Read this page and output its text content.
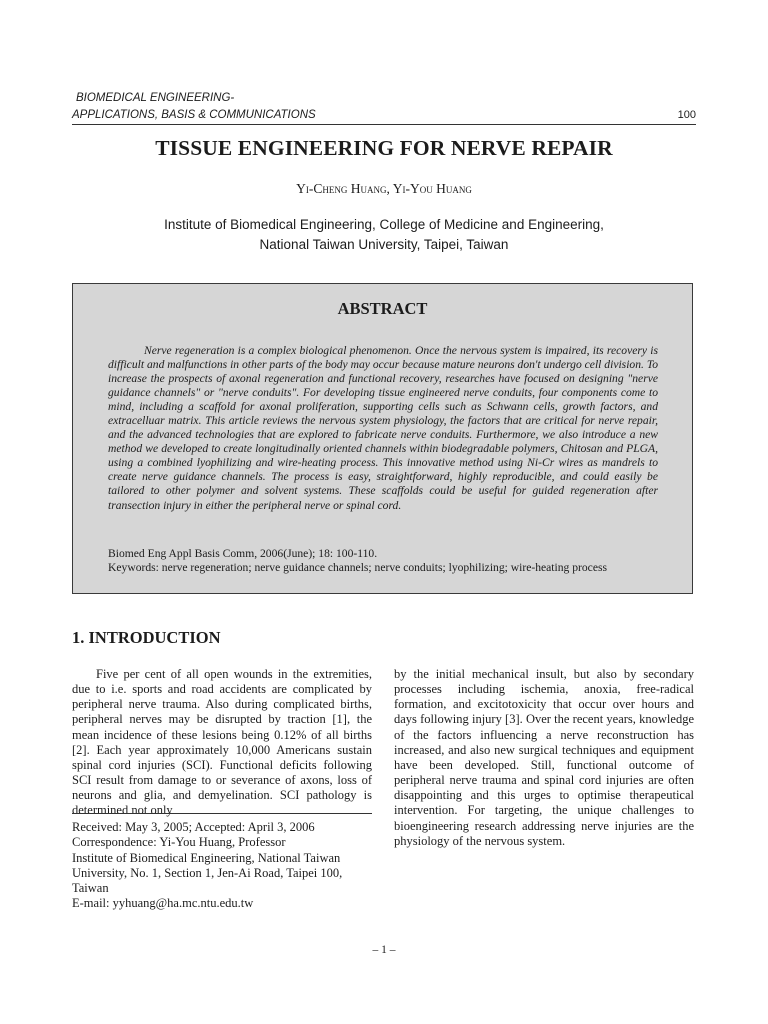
BIOMEDICAL ENGINEERING-
APPLICATIONS, BASIS & COMMUNICATIONS	100
TISSUE ENGINEERING FOR NERVE REPAIR
Yi-Cheng Huang, Yi-You Huang
Institute of Biomedical Engineering, College of Medicine and Engineering,
National Taiwan University, Taipei, Taiwan
ABSTRACT

Nerve regeneration is a complex biological phenomenon. Once the nervous system is impaired, its recovery is difficult and malfunctions in other parts of the body may occur because mature neurons don't undergo cell division. To increase the prospects of axonal regeneration and functional recovery, researches have focused on designing "nerve guidance channels" or "nerve conduits". For developing tissue engineered nerve conduits, four components come to mind, including a scaffold for axonal proliferation, supporting cells such as Schwann cells, growth factors, and extracelluar matrix. This article reviews the nervous system physiology, the factors that are critical for nerve repair, and the advanced technologies that are explored to fabricate nerve conduits. Furthermore, we also introduce a new method we developed to create longitudinally oriented channels within biodegradable polymers, Chitosan and PLGA, using a combined lyophilizing and wire-heating process. This innovative method using Ni-Cr wires as mandrels to create nerve guidance channels. The process is easy, straightforward, highly reproducible, and could easily be tailored to other polymer and solvent systems. These scaffolds could be useful for guided regeneration after transection injury in either the peripheral nerve or spinal cord.

Biomed Eng Appl Basis Comm, 2006(June); 18: 100-110.
Keywords: nerve regeneration; nerve guidance channels; nerve conduits; lyophilizing; wire-heating process
1. INTRODUCTION

Five per cent of all open wounds in the extremities, due to i.e. sports and road accidents are complicated by peripheral nerve trauma. Also during complicated births, peripheral nerves may be disrupted by traction [1], the mean incidence of these lesions being 0.12% of all births [2]. Each year approximately 10,000 Americans sustain spinal cord injuries (SCI). Functional deficits following SCI result from damage to or severance of axons, loss of neurons and glia, and demyelination. SCI pathology is determined not only

by the initial mechanical insult, but also by secondary processes including ischemia, anoxia, free-radical formation, and excitotoxicity that occur over hours and days following injury [3]. Over the recent years, knowledge of the factors influencing a nerve reconstruction has increased, and also new surgical techniques and equipment have been developed. Still, functional outcome of peripheral nerve trauma and spinal cord injuries are often disappointing and this urges to optimise therapeutical intervention. For targeting, the unique challenges to bioengineering research addressing nerve injuries are the physiology of the nervous system.

Received: May 3, 2005; Accepted: April 3, 2006
Correspondence: Yi-You Huang, Professor
Institute of Biomedical Engineering, National Taiwan University, No. 1, Section 1, Jen-Ai Road, Taipei 100, Taiwan
E-mail: yyhuang@ha.mc.ntu.edu.tw
– 1 –
